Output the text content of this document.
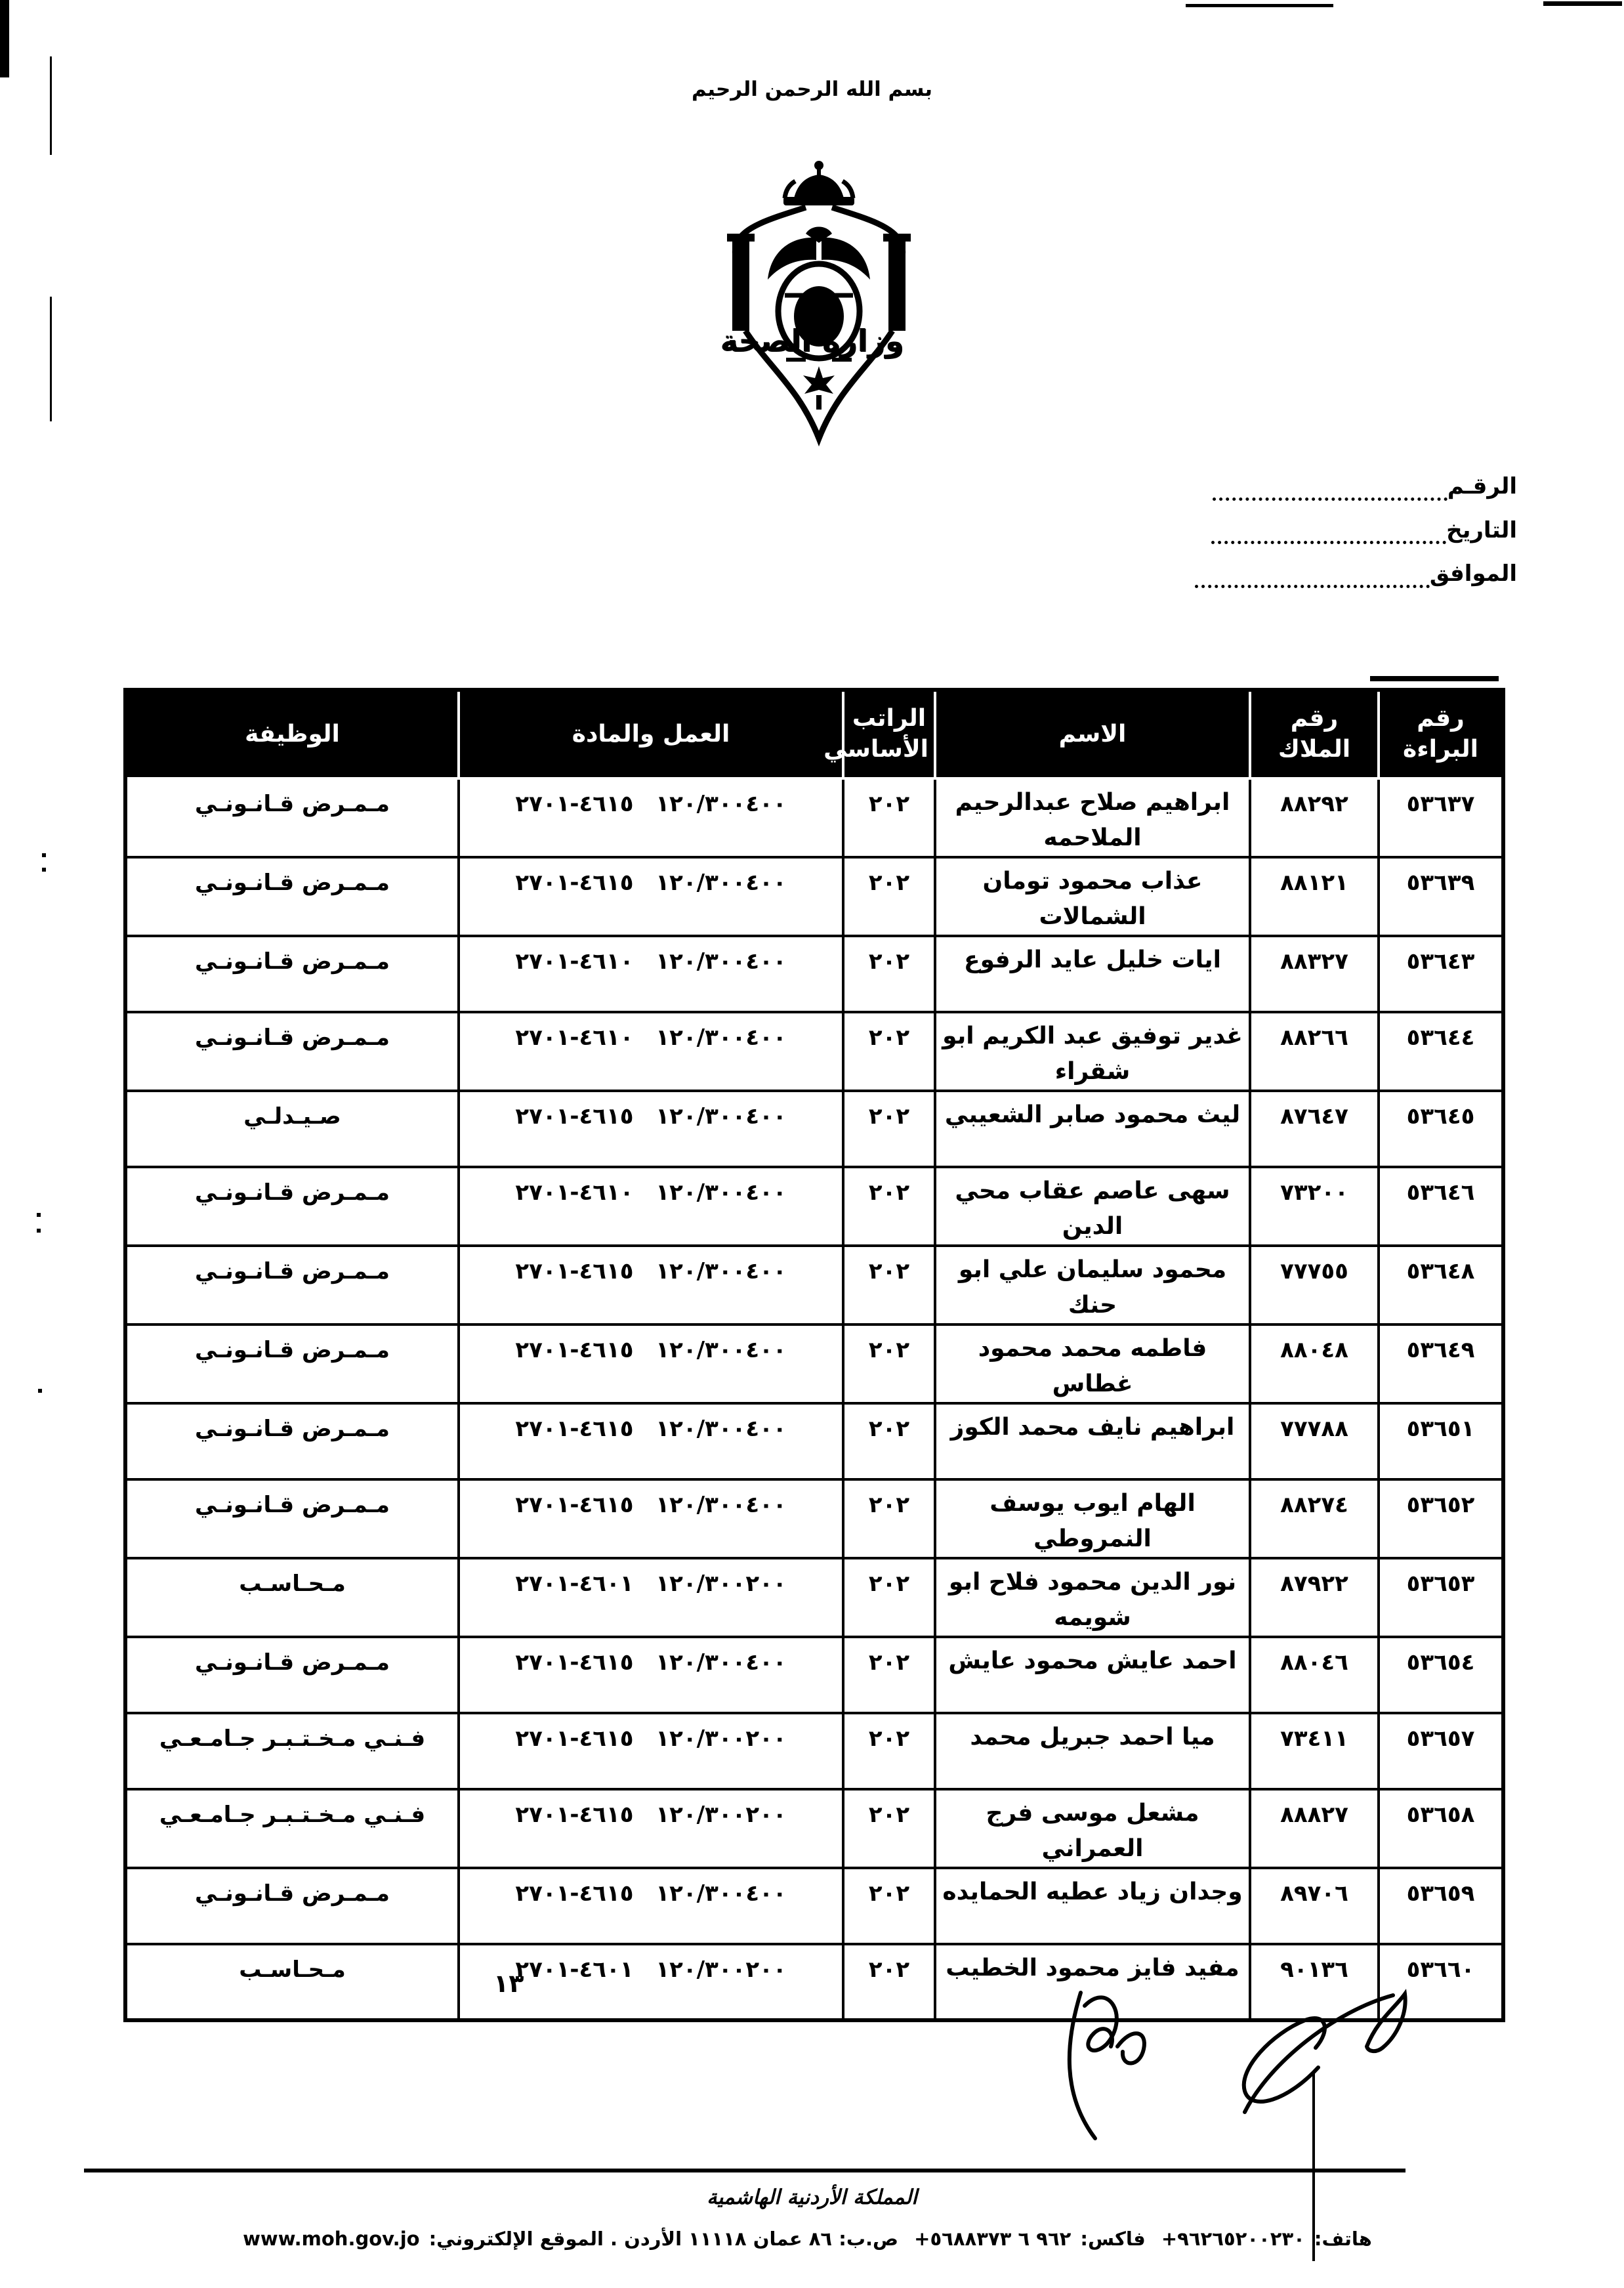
بسم الله الرحمن الرحيم
وزارة الصحة
الرقـم
التاريخ
الموافق
رقم البراءة	رقم الملاك	الاسم	الراتب الأساسي	العمل والمادة	الوظيفة
٥٣٦٣٧	٨٨٢٩٢	ابراهيم صلاح عبدالرحيم الملاحمه	٢٠٢	١٢٠/٣٠٠٤٠٠ ٤٦١٥-٢٧٠١	مـمـرض قـانـونـي
٥٣٦٣٩	٨٨١٢١	عذاب محمود تومان الشمالات	٢٠٢	١٢٠/٣٠٠٤٠٠ ٤٦١٥-٢٧٠١	مـمـرض قـانـونـي
٥٣٦٤٣	٨٨٣٢٧	ايات خليل عايد الرفوع	٢٠٢	١٢٠/٣٠٠٤٠٠ ٤٦١٠-٢٧٠١	مـمـرض قـانـونـي
٥٣٦٤٤	٨٨٢٦٦	غدير توفيق عبد الكريم ابو شقراء	٢٠٢	١٢٠/٣٠٠٤٠٠ ٤٦١٠-٢٧٠١	مـمـرض قـانـونـي
٥٣٦٤٥	٨٧٦٤٧	ليث محمود صابر الشعيبي	٢٠٢	١٢٠/٣٠٠٤٠٠ ٤٦١٥-٢٧٠١	صـيـدلـي
٥٣٦٤٦	٧٣٢٠٠	سهى عاصم عقاب محي الدين	٢٠٢	١٢٠/٣٠٠٤٠٠ ٤٦١٠-٢٧٠١	مـمـرض قـانـونـي
٥٣٦٤٨	٧٧٧٥٥	محمود سليمان علي ابو حنك	٢٠٢	١٢٠/٣٠٠٤٠٠ ٤٦١٥-٢٧٠١	مـمـرض قـانـونـي
٥٣٦٤٩	٨٨٠٤٨	فاطمه محمد محمود غطاس	٢٠٢	١٢٠/٣٠٠٤٠٠ ٤٦١٥-٢٧٠١	مـمـرض قـانـونـي
٥٣٦٥١	٧٧٧٨٨	ابراهيم نايف محمد الكوز	٢٠٢	١٢٠/٣٠٠٤٠٠ ٤٦١٥-٢٧٠١	مـمـرض قـانـونـي
٥٣٦٥٢	٨٨٢٧٤	الهام ايوب يوسف النمروطي	٢٠٢	١٢٠/٣٠٠٤٠٠ ٤٦١٥-٢٧٠١	مـمـرض قـانـونـي
٥٣٦٥٣	٨٧٩٢٢	نور الدين محمود فلاح ابو شويمه	٢٠٢	١٢٠/٣٠٠٢٠٠ ٤٦٠١-٢٧٠١	مـحـاسـب
٥٣٦٥٤	٨٨٠٤٦	احمد عايش محمود عايش	٢٠٢	١٢٠/٣٠٠٤٠٠ ٤٦١٥-٢٧٠١	مـمـرض قـانـونـي
٥٣٦٥٧	٧٣٤١١	ميا احمد جبريل محمد	٢٠٢	١٢٠/٣٠٠٢٠٠ ٤٦١٥-٢٧٠١	فـنـي مـخـتـبـر جـامـعـي
٥٣٦٥٨	٨٨٨٢٧	مشعل موسى فرج العمراني	٢٠٢	١٢٠/٣٠٠٢٠٠ ٤٦١٥-٢٧٠١	فـنـي مـخـتـبـر جـامـعـي
٥٣٦٥٩	٨٩٧٠٦	وجدان زياد عطيه الحمايده	٢٠٢	١٢٠/٣٠٠٤٠٠ ٤٦١٥-٢٧٠١	مـمـرض قـانـونـي
٥٣٦٦٠	٩٠١٣٦	مفيد فايز محمود الخطيب	٢٠٢	١٢٠/٣٠٠٢٠٠ ٤٦٠١-٢٧٠١	مـحـاسـب	١٣
المملكة الأردنية الهاشمية
هاتف:+٩٦٢٦٥٢٠٠٢٣٠ فاكس:+٩٦٢ ٦ ٥٦٨٨٣٧٣ ص.ب: ٨٦ عمان ١١١١٨ الأردن . الموقع الإلكتروني:www.moh.gov.jo
